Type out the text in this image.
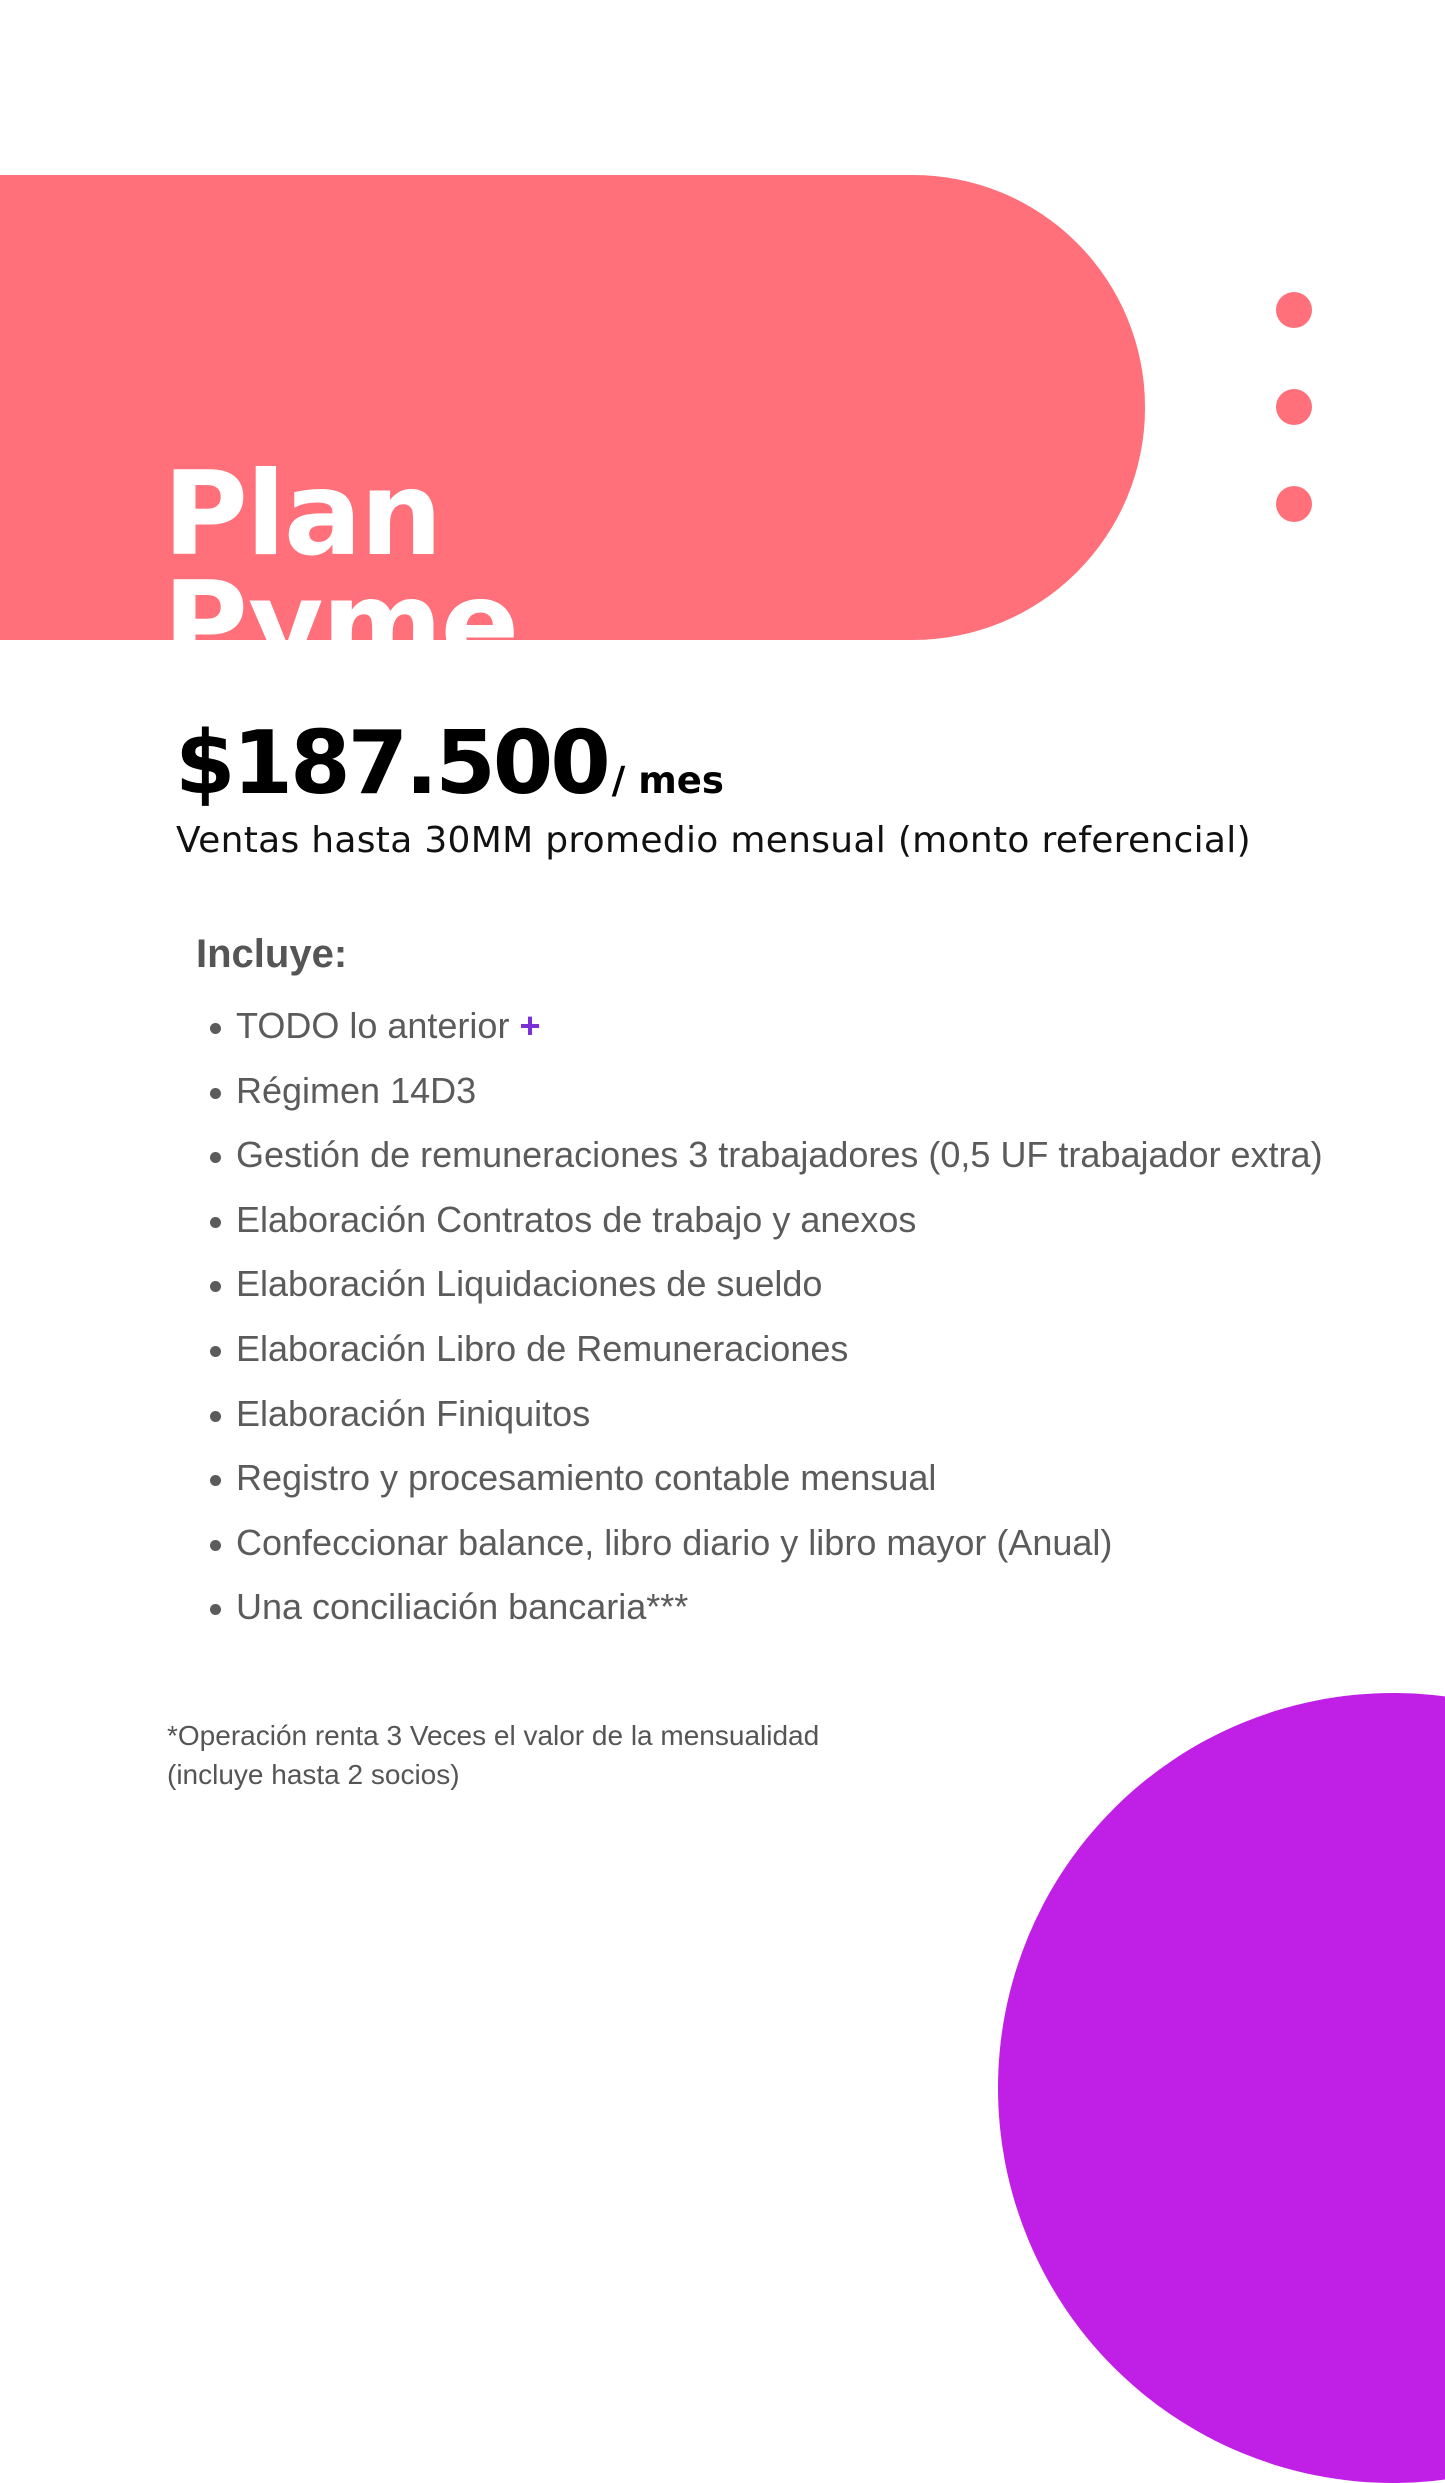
Plan
Pyme
$187.500 / mes
Ventas hasta 30MM promedio mensual (monto referencial)
Incluye:
TODO lo anterior +
Régimen 14D3
Gestión de remuneraciones 3 trabajadores (0,5 UF trabajador extra)
Elaboración Contratos de trabajo y anexos
Elaboración Liquidaciones de sueldo
Elaboración Libro de Remuneraciones
Elaboración Finiquitos
Registro y procesamiento contable mensual
Confeccionar balance, libro diario y libro mayor (Anual)
Una conciliación bancaria***
*Operación renta 3 Veces el valor de la mensualidad
(incluye hasta 2 socios)
